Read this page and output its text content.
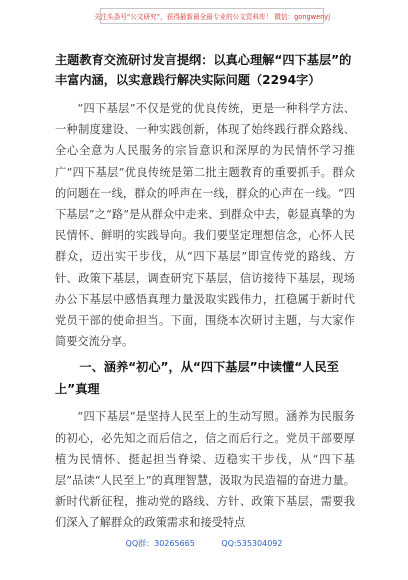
关注头条号“公文研究”，获得最新最全最专业的公文资料库！ 微信：gongwenyj
主题教育交流研讨发言提纲：以真心理解“四下基层”的丰富内涵，以实意践行解决实际问题（2294字）

“四下基层”不仅是党的优良传统，更是一种科学方法、一种制度建设、一种实践创新，体现了始终践行群众路线、全心全意为人民服务的宗旨意识和深厚的为民情怀学习推广“四下基层”优良传统是第二批主题教育的重要抓手。群众的问题在一线，群众的呼声在一线，群众的心声在一线。“四下基层”之“路”是从群众中走来、到群众中去，彰显真挚的为民情怀、鲜明的实践导向。我们要坚定理想信念，心怀人民群众，迈出实干步伐，从“四下基层”即宣传党的路线、方针、政策下基层，调查研究下基层，信访接待下基层，现场办公下基层中感悟真理力量汲取实践伟力，扛稳属于新时代党员干部的使命担当。下面，围绕本次研讨主题，与大家作简要交流分享。

一、涵养“初心”，从“四下基层”中读懂“人民至上”真理

“四下基层”是坚持人民至上的生动写照。涵养为民服务的初心，必先知之而后信之，信之而后行之。党员干部要厚植为民情怀、挺起担当脊梁、迈稳实干步伐，从“四下基层”品读“人民至上”的真理智慧，汲取为民造福的奋进力量。新时代新征程，推动党的路线、方针、政策下基层，需要我们深入了解群众的政策需求和接受特点

QQ群：30265665	QQ:535304092
